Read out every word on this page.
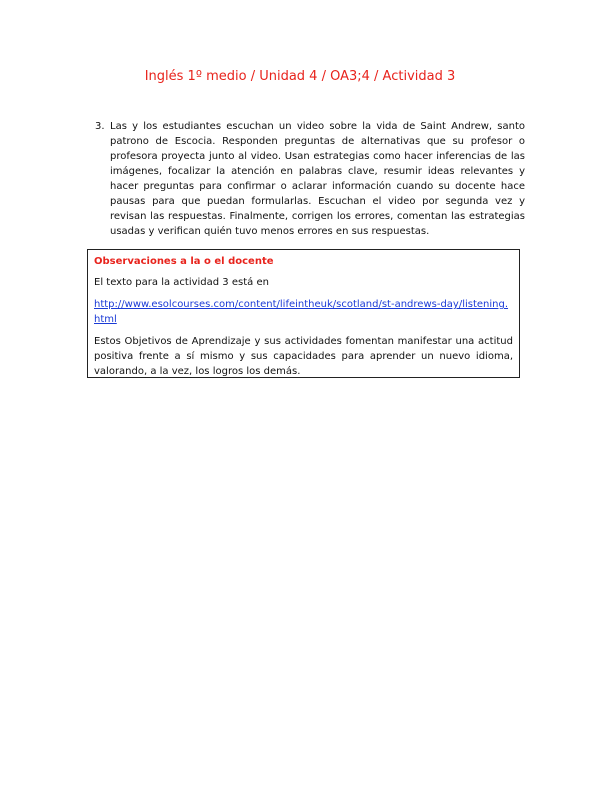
Inglés 1º medio / Unidad 4 / OA3;4 / Actividad 3
3. Las y los estudiantes escuchan un video sobre la vida de Saint Andrew, santo patrono de Escocia. Responden preguntas de alternativas que su profesor o profesora proyecta junto al video. Usan estrategias como hacer inferencias de las imágenes, focalizar la atención en palabras clave, resumir ideas relevantes y hacer preguntas para confirmar o aclarar información cuando su docente hace pausas para que puedan formularlas. Escuchan el video por segunda vez y revisan las respuestas. Finalmente, corrigen los errores, comentan las estrategias usadas y verifican quién tuvo menos errores en sus respuestas.
Observaciones a la o el docente
El texto para la actividad 3 está en
http://www.esolcourses.com/content/lifeintheuk/scotland/st-andrews-day/listening.html
Estos Objetivos de Aprendizaje y sus actividades fomentan manifestar una actitud positiva frente a sí mismo y sus capacidades para aprender un nuevo idioma, valorando, a la vez, los logros los demás.
